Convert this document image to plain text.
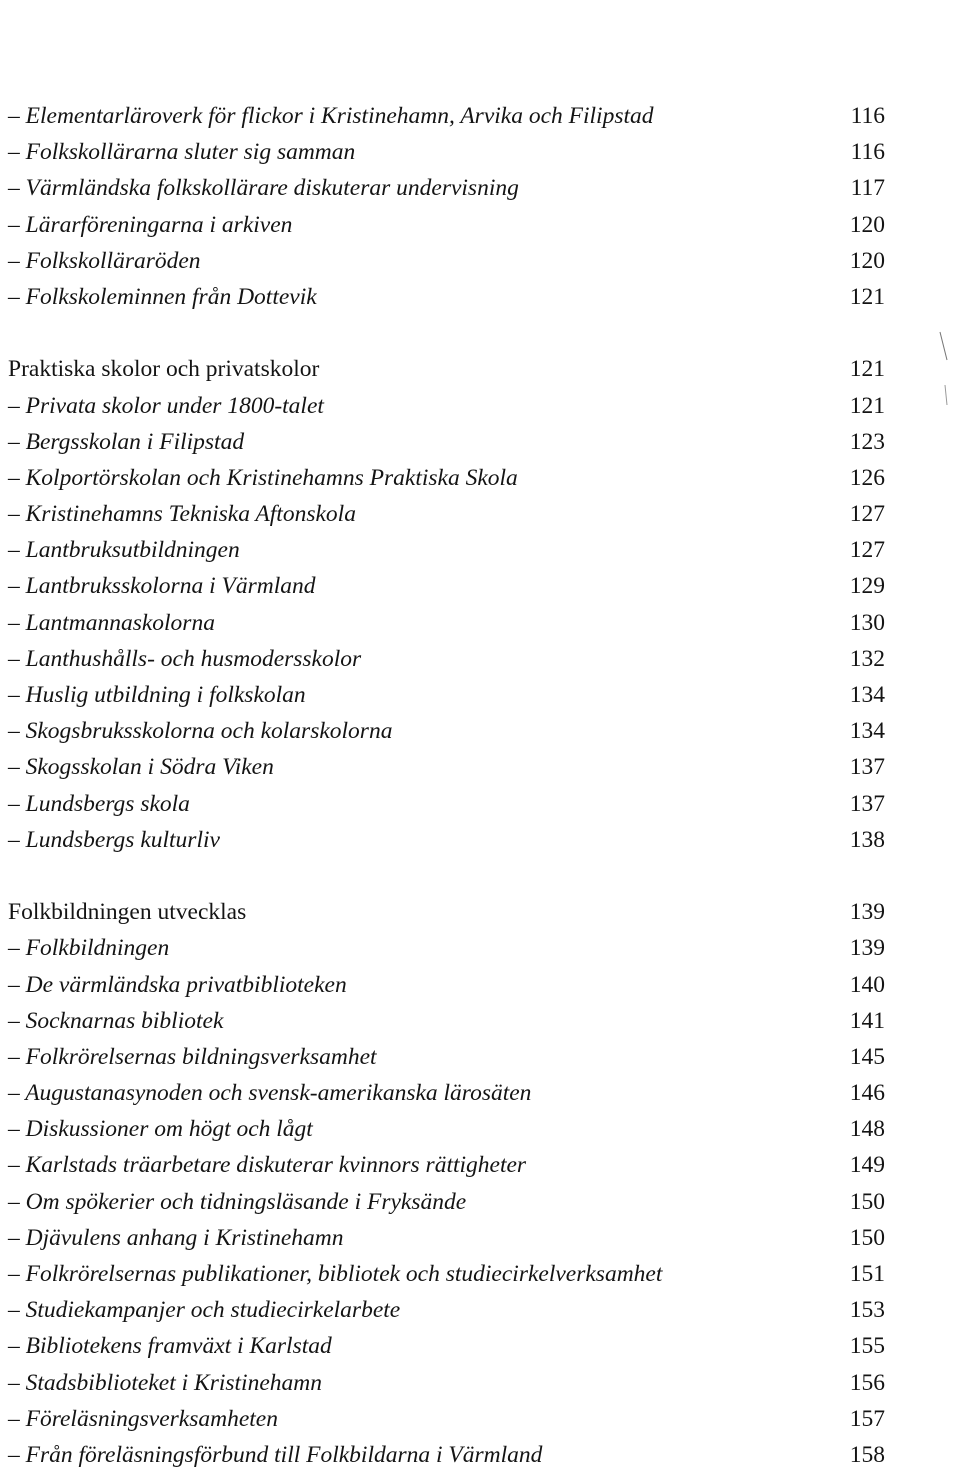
– Elementarläroverk för flickor i Kristinehamn, Arvika och Filipstad	116
– Folkskollärarna sluter sig samman	116
– Värmländska folkskollärare diskuterar undervisning	117
– Lärarföreningarna i arkiven	120
– Folkskolläraröden	120
– Folkskoleminnen från Dottevik	121
Praktiska skolor och privatskolor	121
– Privata skolor under 1800-talet	121
– Bergsskolan i Filipstad	123
– Kolportörskolan och Kristinehamns Praktiska Skola	126
– Kristinehamns Tekniska Aftonskola	127
– Lantbruksutbildningen	127
– Lantbruksskolorna i Värmland	129
– Lantmannaskolorna	130
– Lanthushålls- och husmodersskolor	132
– Huslig utbildning i folkskolan	134
– Skogsbruksskolorna och kolarskolorna	134
– Skogsskolan i Södra Viken	137
– Lundsbergs skola	137
– Lundsbergs kulturliv	138
Folkbildningen utvecklas	139
– Folkbildningen	139
– De värmländska privatbiblioteken	140
– Socknarnas bibliotek	141
– Folkrörelsernas bildningsverksamhet	145
– Augustanasynoden och svensk-amerikanska lärosäten	146
– Diskussioner om högt och lågt	148
– Karlstads träarbetare diskuterar kvinnors rättigheter	149
– Om spökerier och tidningsläsande i Fryksände	150
– Djävulens anhang i Kristinehamn	150
– Folkrörelsernas publikationer, bibliotek och studiecirkelverksamhet	151
– Studiekampanjer och studiecirkelarbete	153
– Bibliotekens framväxt i Karlstad	155
– Stadsbiblioteket i Kristinehamn	156
– Föreläsningsverksamheten	157
– Från föreläsningsförbund till Folkbildarna i Värmland	158
